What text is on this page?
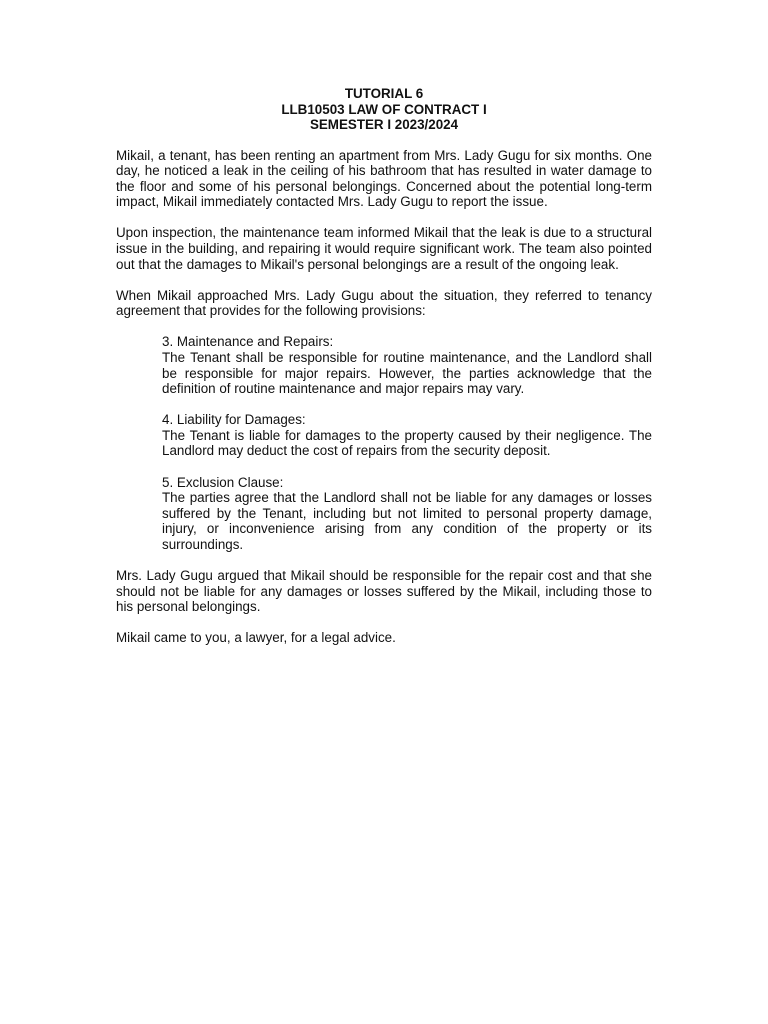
TUTORIAL 6
LLB10503 LAW OF CONTRACT I
SEMESTER I 2023/2024

Mikail, a tenant, has been renting an apartment from Mrs. Lady Gugu for six months. One day, he noticed a leak in the ceiling of his bathroom that has resulted in water damage to the floor and some of his personal belongings. Concerned about the potential long-term impact, Mikail immediately contacted Mrs. Lady Gugu to report the issue.

Upon inspection, the maintenance team informed Mikail that the leak is due to a structural issue in the building, and repairing it would require significant work. The team also pointed out that the damages to Mikail's personal belongings are a result of the ongoing leak.

When Mikail approached Mrs. Lady Gugu about the situation, they referred to tenancy agreement that provides for the following provisions:

3. Maintenance and Repairs:
The Tenant shall be responsible for routine maintenance, and the Landlord shall be responsible for major repairs. However, the parties acknowledge that the definition of routine maintenance and major repairs may vary.
4. Liability for Damages:
The Tenant is liable for damages to the property caused by their negligence. The Landlord may deduct the cost of repairs from the security deposit.
5. Exclusion Clause:
The parties agree that the Landlord shall not be liable for any damages or losses suffered by the Tenant, including but not limited to personal property damage, injury, or inconvenience arising from any condition of the property or its surroundings.

Mrs. Lady Gugu argued that Mikail should be responsible for the repair cost and that she should not be liable for any damages or losses suffered by the Mikail, including those to his personal belongings.

Mikail came to you, a lawyer, for a legal advice.
